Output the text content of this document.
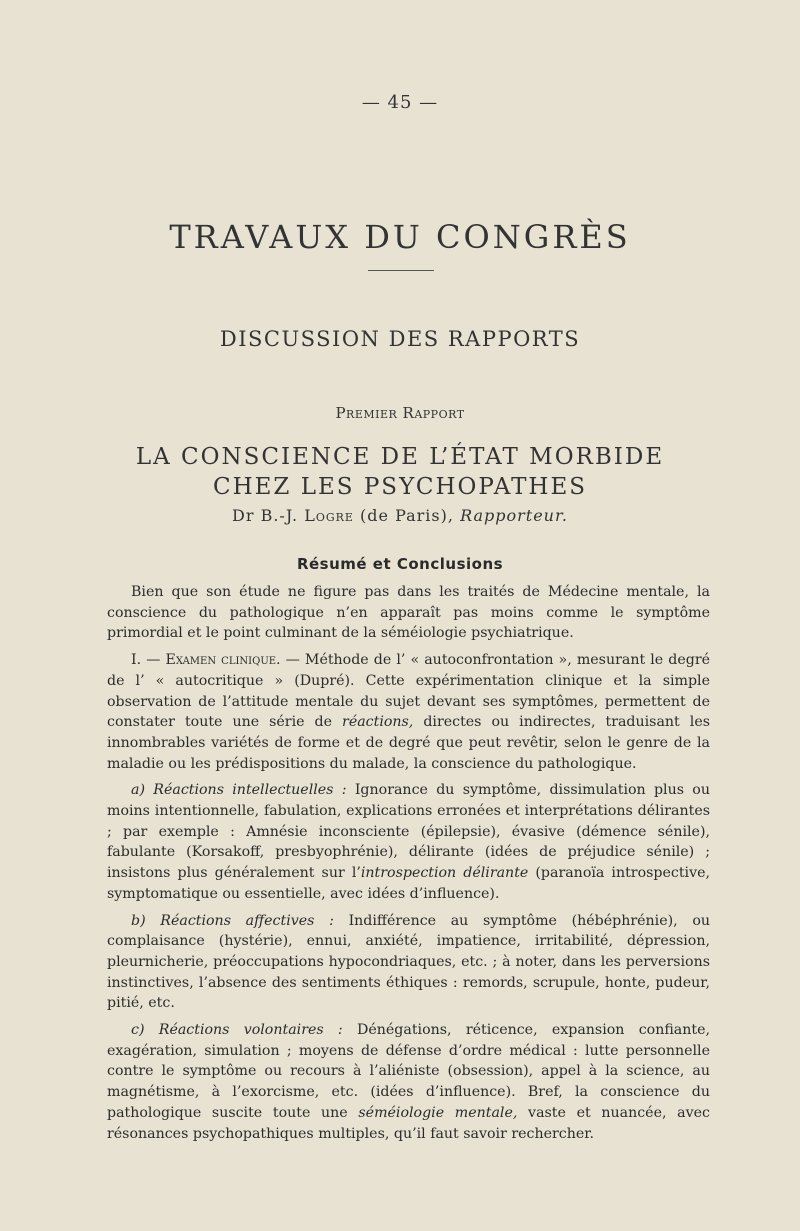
— 45 —
TRAVAUX DU CONGRÈS
DISCUSSION DES RAPPORTS
Premier Rapport
LA CONSCIENCE DE L’ÉTAT MORBIDE
CHEZ LES PSYCHOPATHES
Dr B.-J. Logre (de Paris), Rapporteur.
Résumé et Conclusions

Bien que son étude ne figure pas dans les traités de Médecine mentale, la conscience du pathologique n’en apparaît pas moins comme le symptôme primordial et le point culminant de la séméiologie psychiatrique.

I. — Examen clinique. — Méthode de l’ « autoconfrontation », mesurant le degré de l’ « autocritique » (Dupré). Cette expérimentation clinique et la simple observation de l’attitude mentale du sujet devant ses symptômes, permettent de constater toute une série de réactions, directes ou indirectes, traduisant les innombrables variétés de forme et de degré que peut revêtir, selon le genre de la maladie ou les prédispositions du malade, la conscience du pathologique.

a) Réactions intellectuelles : Ignorance du symptôme, dissimulation plus ou moins intentionnelle, fabulation, explications erronées et interprétations délirantes ; par exemple : Amnésie inconsciente (épilepsie), évasive (démence sénile), fabulante (Korsakoff, presbyophrénie), délirante (idées de préjudice sénile) ; insistons plus généralement sur l’introspection délirante (paranoïa introspective, symptomatique ou essentielle, avec idées d’influence).

b) Réactions affectives : Indifférence au symptôme (hébéphrénie), ou complaisance (hystérie), ennui, anxiété, impatience, irritabilité, dépression, pleurnicherie, préoccupations hypocondriaques, etc. ; à noter, dans les perversions instinctives, l’absence des sentiments éthiques : remords, scrupule, honte, pudeur, pitié, etc.

c) Réactions volontaires : Dénégations, réticence, expansion confiante, exagération, simulation ; moyens de défense d’ordre médical : lutte personnelle contre le symptôme ou recours à l’aliéniste (obsession), appel à la science, au magnétisme, à l’exorcisme, etc. (idées d’influence). Bref, la conscience du pathologique suscite toute une séméiologie mentale, vaste et nuancée, avec résonances psychopathiques multiples, qu’il faut savoir rechercher.
